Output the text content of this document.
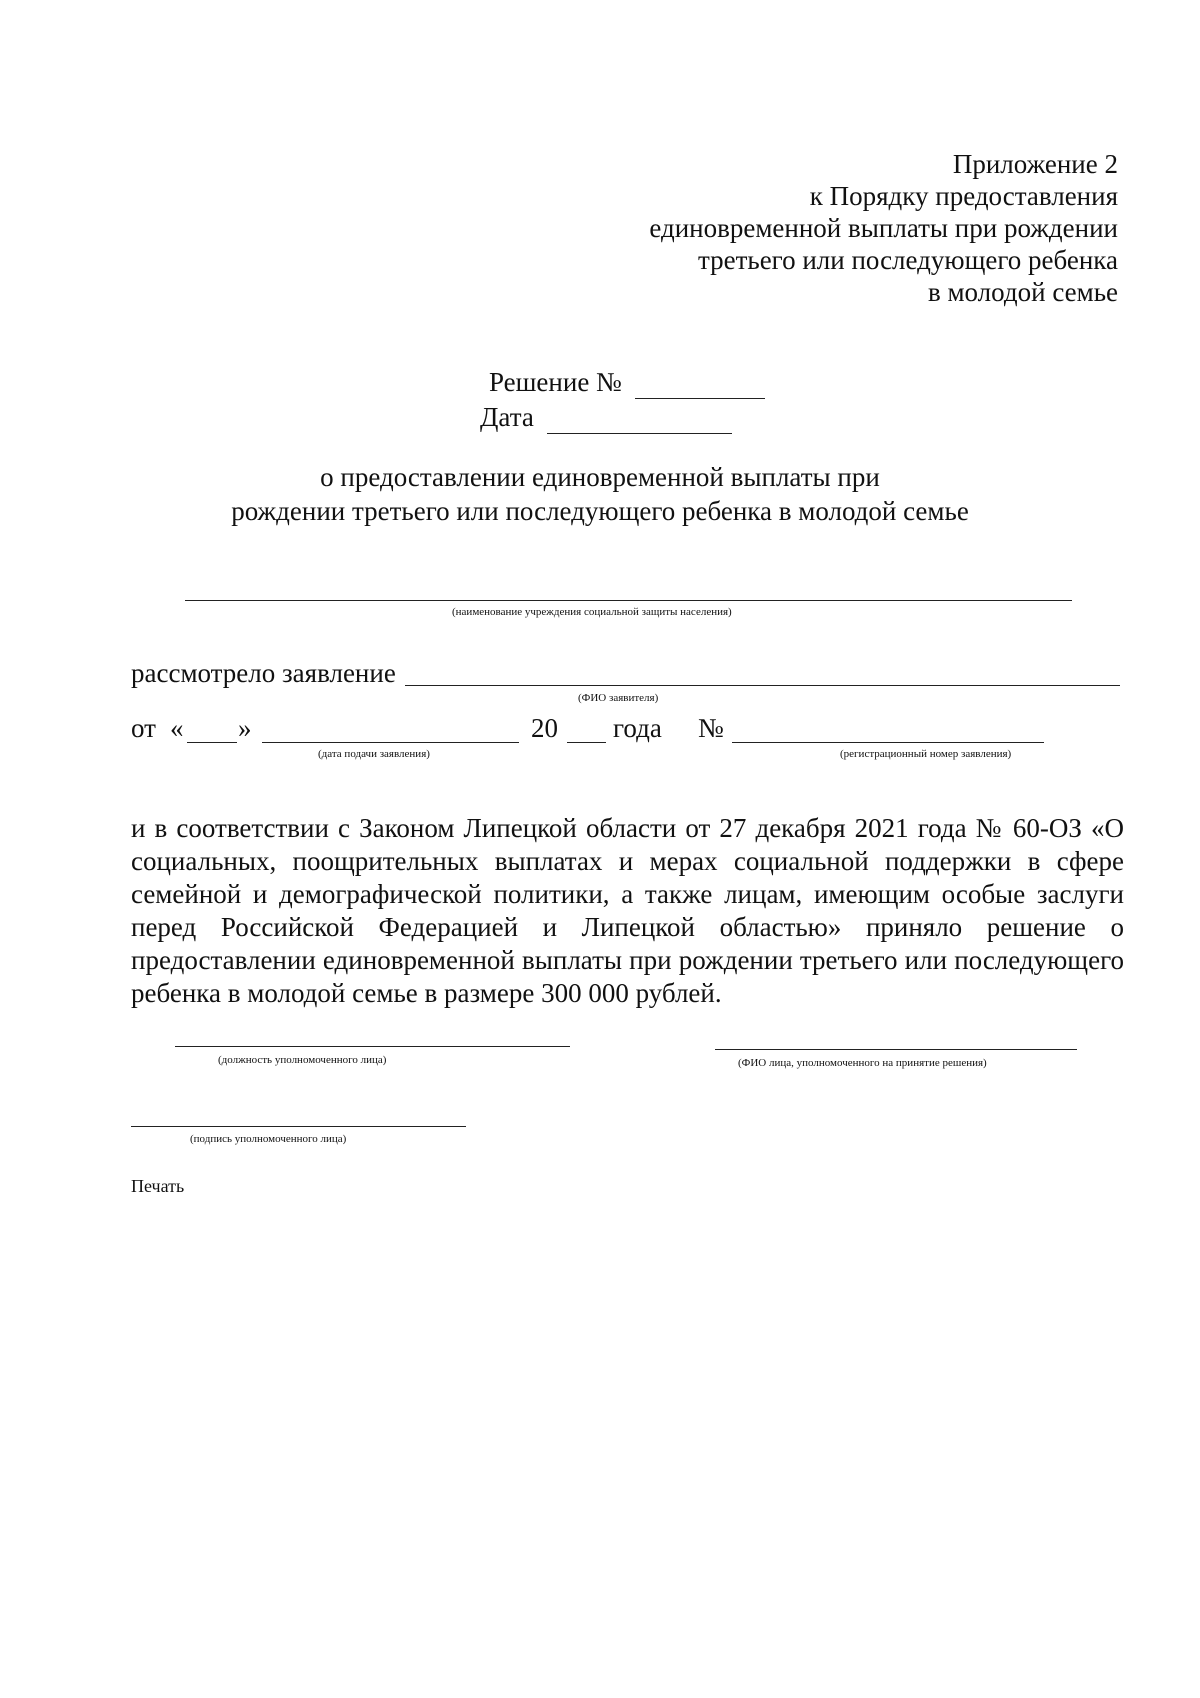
Приложение 2
к Порядку предоставления
единовременной выплаты при рождении
третьего или последующего ребенка
в молодой семье
Решение №
Дата
о предоставлении единовременной выплаты при
рождении третьего или последующего ребенка в молодой семье
(наименование учреждения социальной защиты населения)
рассмотрело заявление
(ФИО заявителя)
от « »	20 года №
(дата подачи заявления)	(регистрационный номер заявления)
и в соответствии с Законом Липецкой области от 27 декабря 2021 года № 60-ОЗ «О социальных, поощрительных выплатах и мерах социальной поддержки в сфере семейной и демографической политики, а также лицам, имеющим особые заслуги перед Российской Федерацией и Липецкой областью» приняло решение о предоставлении единовременной выплаты при рождении третьего или последующего ребенка в молодой семье в размере 300 000 рублей.
(должность уполномоченного лица)	(ФИО лица, уполномоченного на принятие решения)
(подпись уполномоченного лица)
Печать
